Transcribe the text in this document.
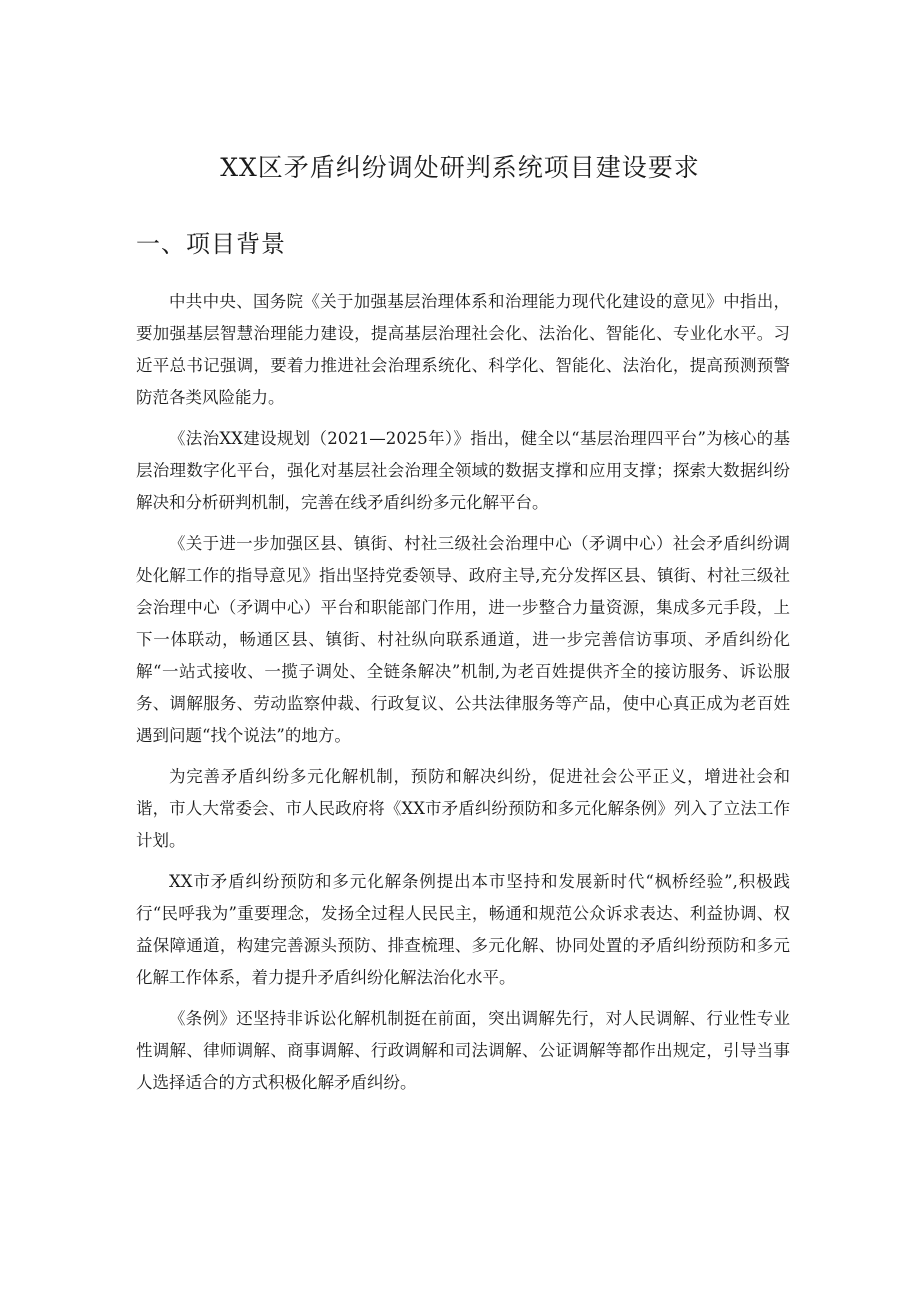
XX区矛盾纠纷调处研判系统项目建设要求
一、项目背景

中共中央、国务院《关于加强基层治理体系和治理能力现代化建设的意见》中指出，要加强基层智慧治理能力建设，提高基层治理社会化、法治化、智能化、专业化水平。习近平总书记强调，要着力推进社会治理系统化、科学化、智能化、法治化，提高预测预警防范各类风险能力。

《法治XX建设规划（2021—2025年）》指出，健全以“基层治理四平台”为核心的基层治理数字化平台，强化对基层社会治理全领域的数据支撑和应用支撑；探索大数据纠纷解决和分析研判机制，完善在线矛盾纠纷多元化解平台。

《关于进一步加强区县、镇街、村社三级社会治理中心（矛调中心）社会矛盾纠纷调处化解工作的指导意见》指出坚持党委领导、政府主导,充分发挥区县、镇街、村社三级社会治理中心（矛调中心）平台和职能部门作用，进一步整合力量资源，集成多元手段，上下一体联动，畅通区县、镇街、村社纵向联系通道，进一步完善信访事项、矛盾纠纷化解“一站式接收、一揽子调处、全链条解决”机制,为老百姓提供齐全的接访服务、诉讼服务、调解服务、劳动监察仲裁、行政复议、公共法律服务等产品，使中心真正成为老百姓遇到问题“找个说法”的地方。

为完善矛盾纠纷多元化解机制，预防和解决纠纷，促进社会公平正义，增进社会和谐，市人大常委会、市人民政府将《XX市矛盾纠纷预防和多元化解条例》列入了立法工作计划。

XX市矛盾纠纷预防和多元化解条例提出本市坚持和发展新时代“枫桥经验”,积极践行“民呼我为”重要理念，发扬全过程人民民主，畅通和规范公众诉求表达、利益协调、权益保障通道，构建完善源头预防、排查梳理、多元化解、协同处置的矛盾纠纷预防和多元化解工作体系，着力提升矛盾纠纷化解法治化水平。

《条例》还坚持非诉讼化解机制挺在前面，突出调解先行，对人民调解、行业性专业性调解、律师调解、商事调解、行政调解和司法调解、公证调解等都作出规定，引导当事人选择适合的方式积极化解矛盾纠纷。
